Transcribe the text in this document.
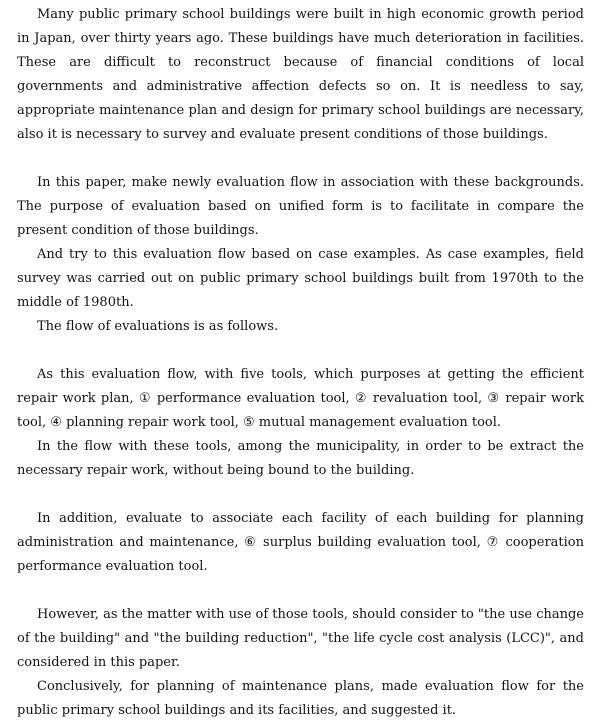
Many public primary school buildings were built in high economic growth period in Japan, over thirty years ago. These buildings have much deterioration in facilities. These are difficult to reconstruct because of financial conditions of local governments and administrative affection defects so on. It is needless to say, appropriate maintenance plan and design for primary school buildings are necessary, also it is necessary to survey and evaluate present conditions of those buildings.

In this paper, make newly evaluation flow in association with these backgrounds. The purpose of evaluation based on unified form is to facilitate in compare the present condition of those buildings.

And try to this evaluation flow based on case examples. As case examples, field survey was carried out on public primary school buildings built from 1970th to the middle of 1980th.

The flow of evaluations is as follows.

As this evaluation flow, with five tools, which purposes at getting the efficient repair work plan, ① performance evaluation tool, ② revaluation tool, ③ repair work tool, ④ planning repair work tool, ⑤ mutual management evaluation tool.

In the flow with these tools, among the municipality, in order to be extract the necessary repair work, without being bound to the building.

In addition, evaluate to associate each facility of each building for planning administration and maintenance, ⑥ surplus building evaluation tool, ⑦ cooperation performance evaluation tool.

However, as the matter with use of those tools, should consider to "the use change of the building" and "the building reduction", "the life cycle cost analysis (LCC)", and considered in this paper.

Conclusively, for planning of maintenance plans, made evaluation flow for the public primary school buildings and its facilities, and suggested it.
